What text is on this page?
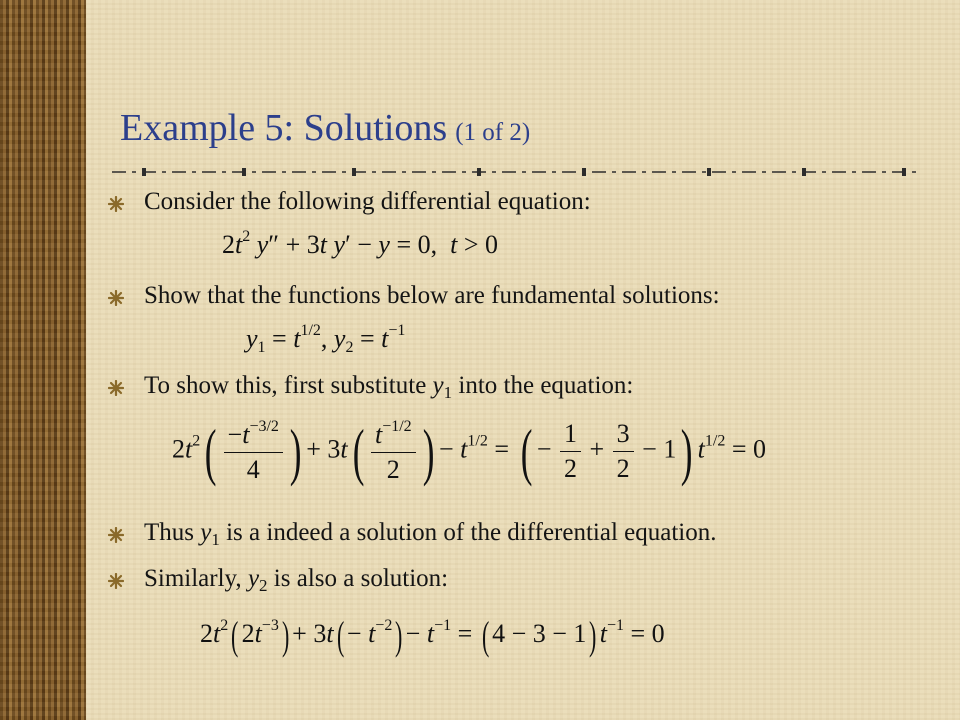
Example 5: Solutions (1 of 2)
Consider the following differential equation:
$2t^2$ y″ + 3t y′ − y = 0,  t > 0
Show that the functions below are fundamental solutions:
$y_1 = t^{1/2}$, $y_2 = t^{-1}$
To show this, first substitute $y_1$ into the equation:
$2t^2( \frac{-t^{-3/2}}{4}$ ) + $3t( \frac{t^{-1/2}}{2}$ ) − $t^{1/2}$ = ( − $\frac{1}{2} + \frac{3}{2} - 1$) $t^{1/2} = 0$
Thus $y_1$ is a indeed a solution of the differential equation.
Similarly, $y_2$ is also a solution:
$2t^2$( $2t^{-3}) + 3t( - t^{-2}) - t^{-1}$ = ( 4 − 3 − 1) $t^{-1} = 0$
